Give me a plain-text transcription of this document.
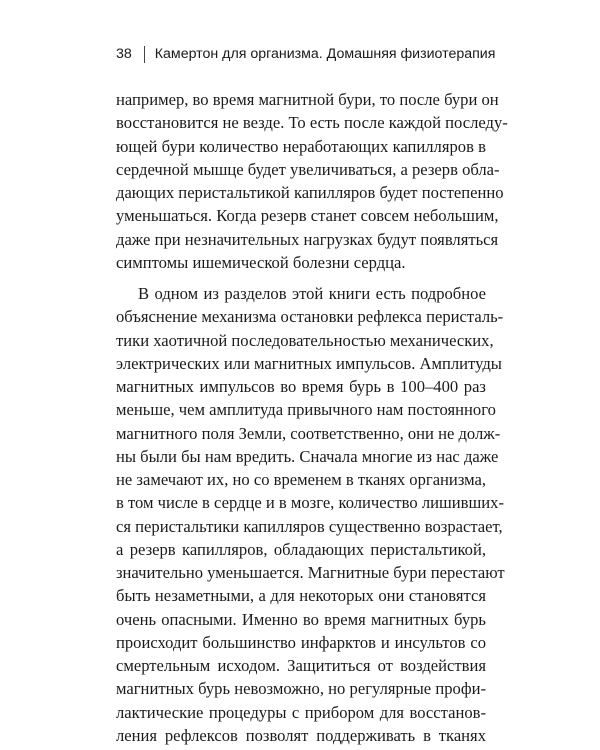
38 Камертон для организма. Домашняя физиотерапия
например, во время магнитной бури, то после бури он
восстановится не везде. То есть после каждой последу-
ющей бури количество неработающих капилляров в
сердечной мышце будет увеличиваться, а резерв обла-
дающих перистальтикой капилляров будет постепенно
уменьшаться. Когда резерв станет совсем небольшим,
даже при незначительных нагрузках будут появляться
симптомы ишемической болезни сердца.
В одном из разделов этой книги есть подробное
объяснение механизма остановки рефлекса перисталь-
тики хаотичной последовательностью механических,
электрических или магнитных импульсов. Амплитуды
магнитных импульсов во время бурь в 100–400 раз
меньше, чем амплитуда привычного нам постоянного
магнитного поля Земли, соответственно, они не долж-
ны были бы нам вредить. Сначала многие из нас даже
не замечают их, но со временем в тканях организма,
в том числе в сердце и в мозге, количество лишивших-
ся перистальтики капилляров существенно возрастает,
а резерв капилляров, обладающих перистальтикой,
значительно уменьшается. Магнитные бури перестают
быть незаметными, а для некоторых они становятся
очень опасными. Именно во время магнитных бурь
происходит большинство инфарктов и инсультов со
смертельным исходом. Защититься от воздействия
магнитных бурь невозможно, но регулярные профи-
лактические процедуры с прибором для восстанов-
ления рефлексов позволят поддерживать в тканях
